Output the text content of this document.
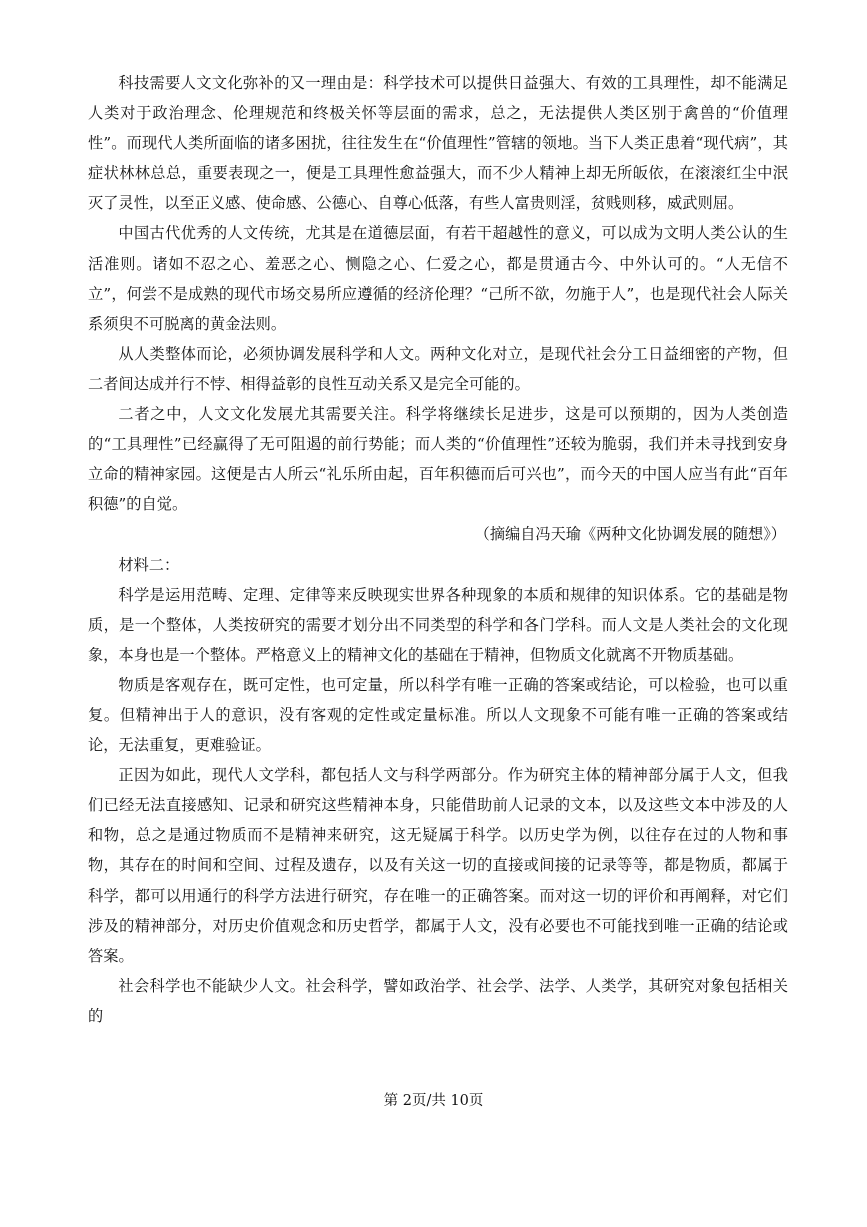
科技需要人文文化弥补的又一理由是：科学技术可以提供日益强大、有效的工具理性，却不能满足人类对于政治理念、伦理规范和终极关怀等层面的需求，总之，无法提供人类区别于禽兽的“价值理性”。而现代人类所面临的诸多困扰，往往发生在“价值理性”管辖的领地。当下人类正患着“现代病”，其症状林林总总，重要表现之一，便是工具理性愈益强大，而不少人精神上却无所皈依，在滚滚红尘中泯灭了灵性，以至正义感、使命感、公德心、自尊心低落，有些人富贵则淫，贫贱则移，威武则屈。

中国古代优秀的人文传统，尤其是在道德层面，有若干超越性的意义，可以成为文明人类公认的生活准则。诸如不忍之心、羞恶之心、恻隐之心、仁爱之心，都是贯通古今、中外认可的。“人无信不立”，何尝不是成熟的现代市场交易所应遵循的经济伦理？“己所不欲，勿施于人”，也是现代社会人际关系须臾不可脱离的黄金法则。

从人类整体而论，必须协调发展科学和人文。两种文化对立，是现代社会分工日益细密的产物，但二者间达成并行不悖、相得益彰的良性互动关系又是完全可能的。

二者之中，人文文化发展尤其需要关注。科学将继续长足进步，这是可以预期的，因为人类创造的“工具理性”已经赢得了无可阻遏的前行势能；而人类的“价值理性”还较为脆弱，我们并未寻找到安身立命的精神家园。这便是古人所云“礼乐所由起，百年积德而后可兴也”，而今天的中国人应当有此“百年积德”的自觉。

（摘编自冯天瑜《两种文化协调发展的随想》）

材料二：

科学是运用范畴、定理、定律等来反映现实世界各种现象的本质和规律的知识体系。它的基础是物质，是一个整体，人类按研究的需要才划分出不同类型的科学和各门学科。而人文是人类社会的文化现象，本身也是一个整体。严格意义上的精神文化的基础在于精神，但物质文化就离不开物质基础。

物质是客观存在，既可定性，也可定量，所以科学有唯一正确的答案或结论，可以检验，也可以重复。但精神出于人的意识，没有客观的定性或定量标准。所以人文现象不可能有唯一正确的答案或结论，无法重复，更难验证。

正因为如此，现代人文学科，都包括人文与科学两部分。作为研究主体的精神部分属于人文，但我们已经无法直接感知、记录和研究这些精神本身，只能借助前人记录的文本，以及这些文本中涉及的人和物，总之是通过物质而不是精神来研究，这无疑属于科学。以历史学为例，以往存在过的人物和事物，其存在的时间和空间、过程及遗存，以及有关这一切的直接或间接的记录等等，都是物质，都属于科学，都可以用通行的科学方法进行研究，存在唯一的正确答案。而对这一切的评价和再阐释，对它们涉及的精神部分，对历史价值观念和历史哲学，都属于人文，没有必要也不可能找到唯一正确的结论或答案。

社会科学也不能缺少人文。社会科学，譬如政治学、社会学、法学、人类学，其研究对象包括相关的

第 2页/共 10页
